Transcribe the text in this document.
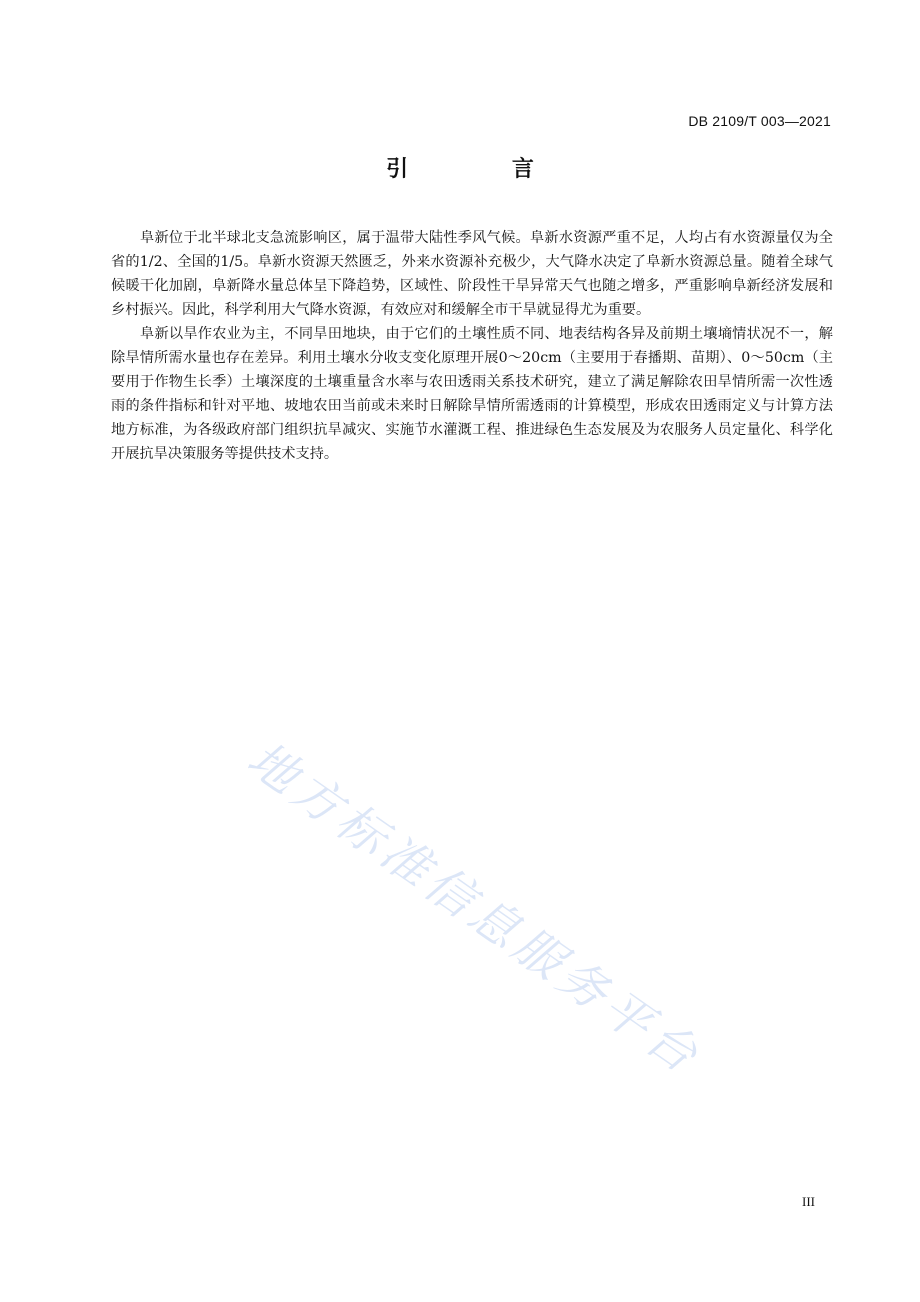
DB 2109/T 003—2021
引 言

阜新位于北半球北支急流影响区，属于温带大陆性季风气候。阜新水资源严重不足，人均占有水资源量仅为全省的1/2、全国的1/5。阜新水资源天然匮乏，外来水资源补充极少，大气降水决定了阜新水资源总量。随着全球气候暖干化加剧，阜新降水量总体呈下降趋势，区域性、阶段性干旱异常天气也随之增多，严重影响阜新经济发展和乡村振兴。因此，科学利用大气降水资源，有效应对和缓解全市干旱就显得尤为重要。

阜新以旱作农业为主，不同旱田地块，由于它们的土壤性质不同、地表结构各异及前期土壤墒情状况不一，解除旱情所需水量也存在差异。利用土壤水分收支变化原理开展0～20cm（主要用于春播期、苗期）、0～50cm（主要用于作物生长季）土壤深度的土壤重量含水率与农田透雨关系技术研究，建立了满足解除农田旱情所需一次性透雨的条件指标和针对平地、坡地农田当前或未来时日解除旱情所需透雨的计算模型，形成农田透雨定义与计算方法地方标准，为各级政府部门组织抗旱减灾、实施节水灌溉工程、推进绿色生态发展及为农服务人员定量化、科学化开展抗旱决策服务等提供技术支持。

地方标准信息服务平台
III
